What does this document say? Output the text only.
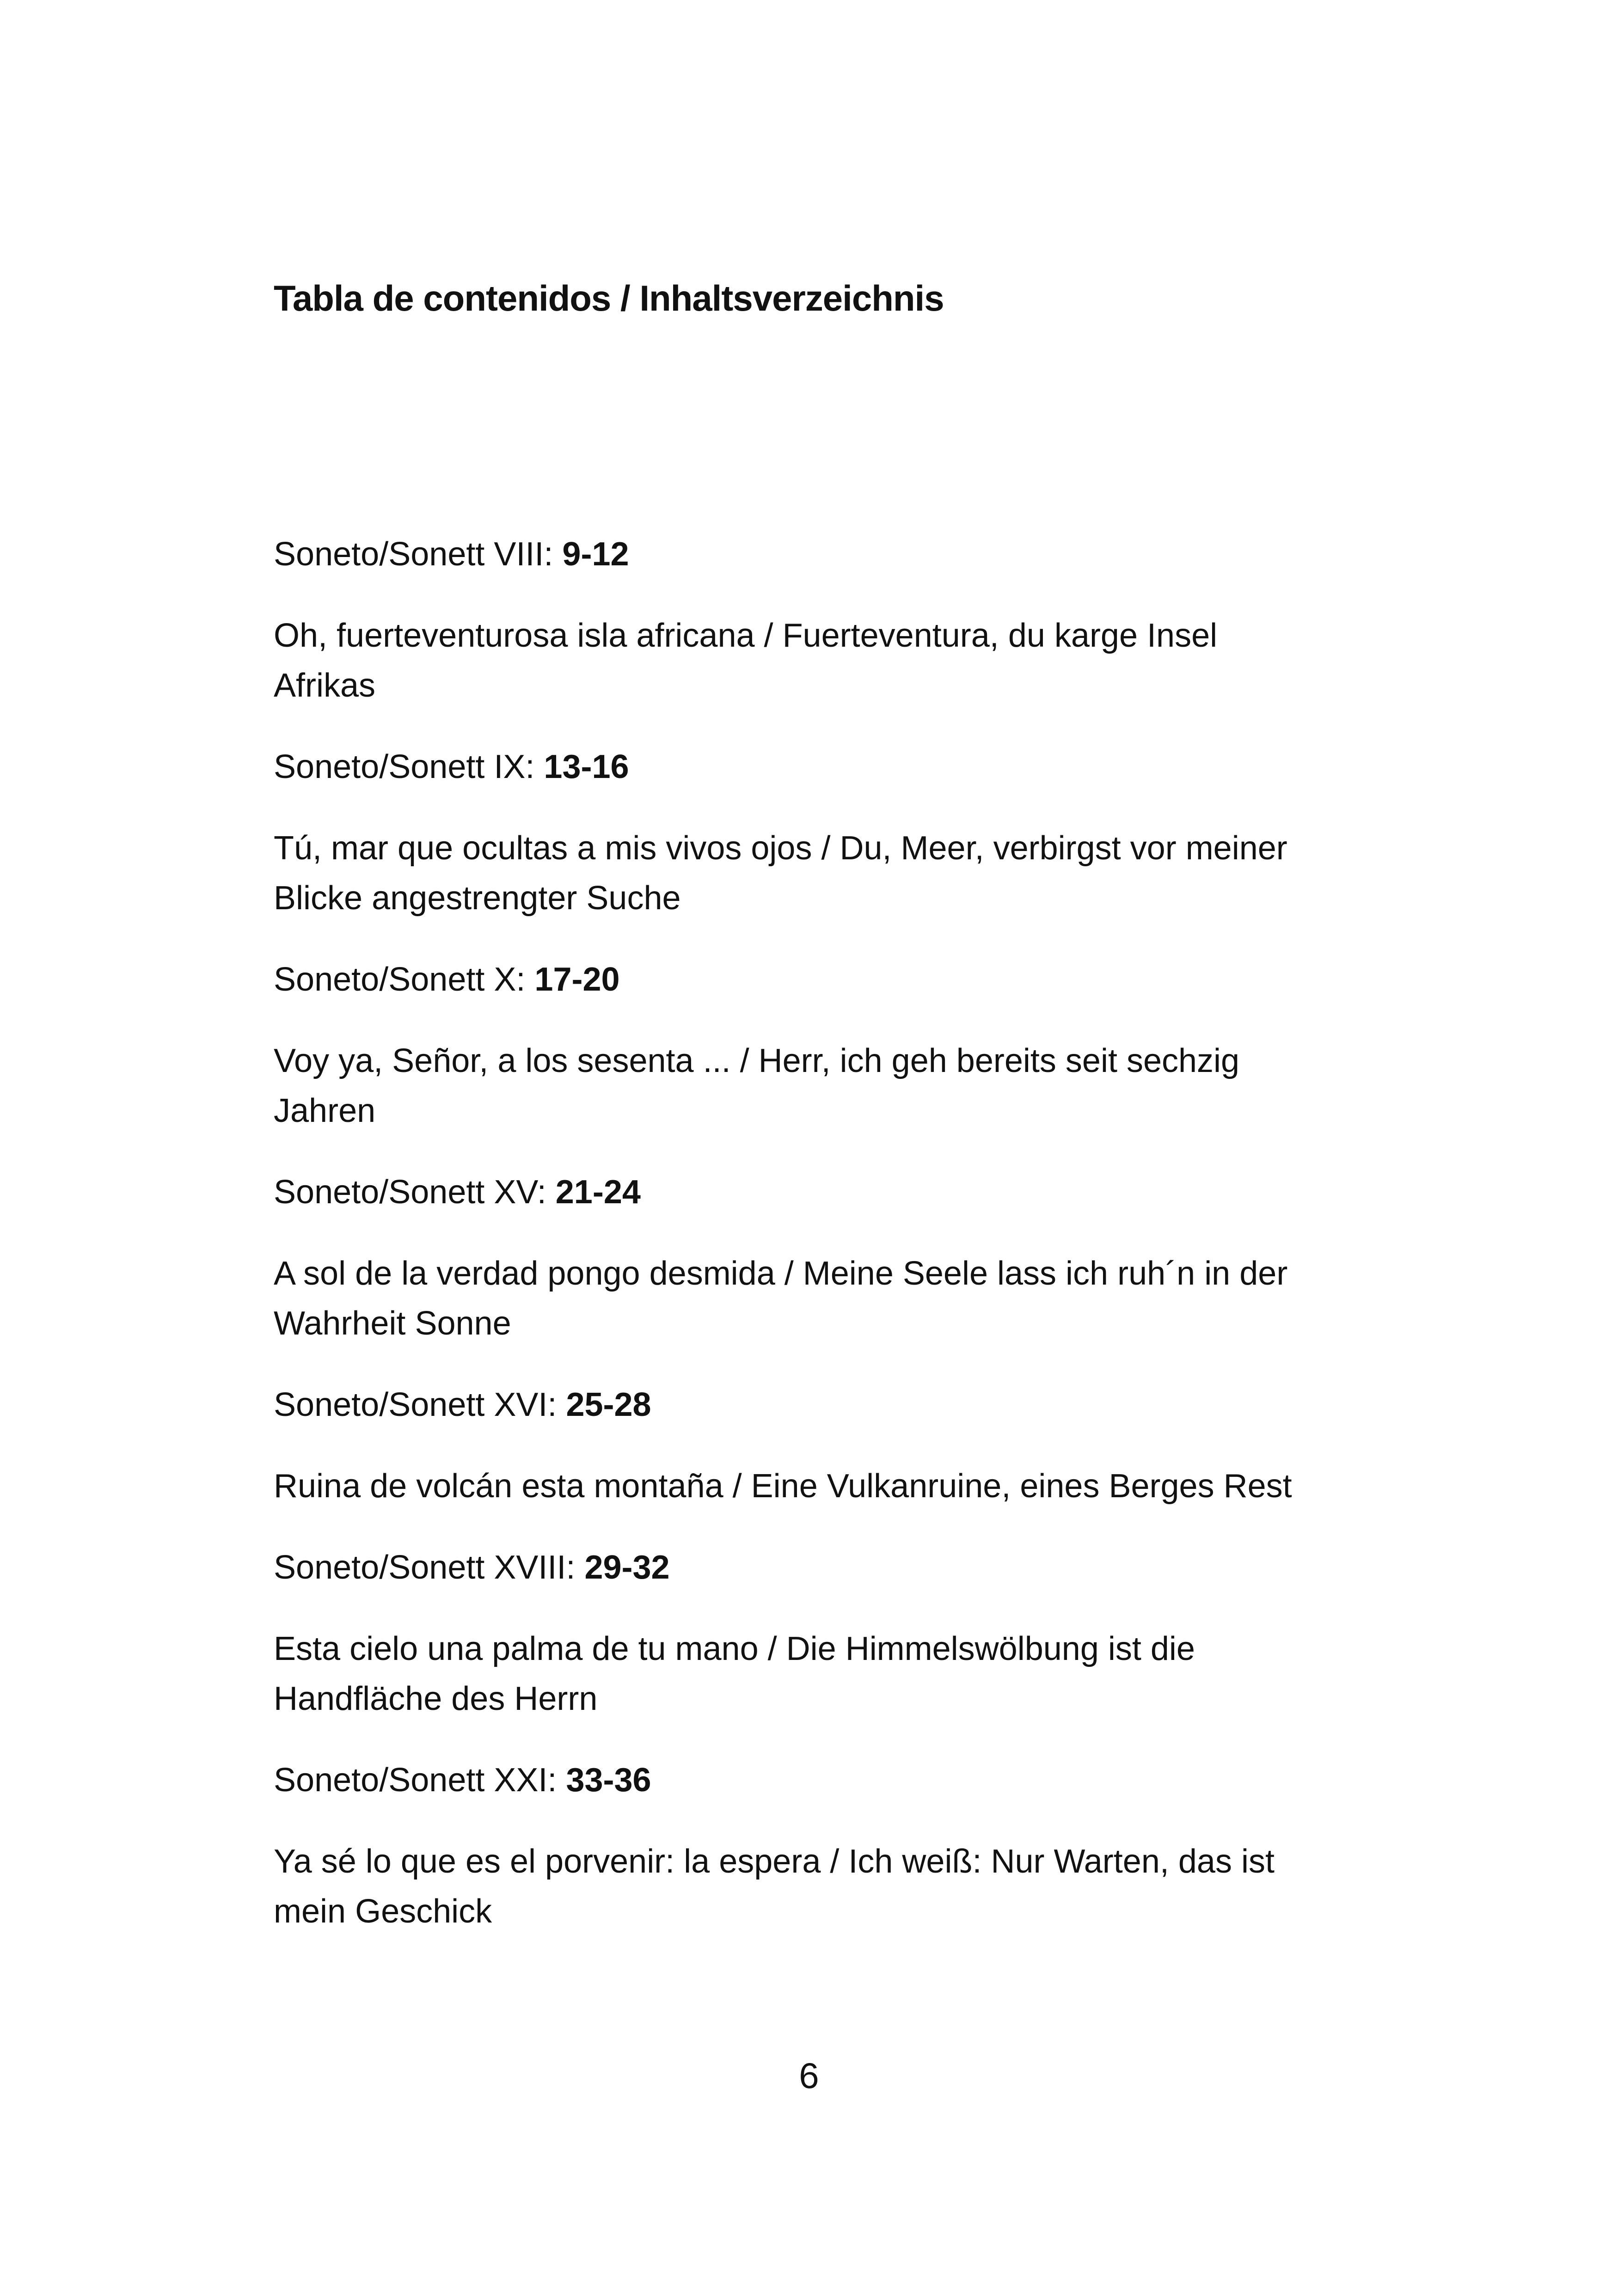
Tabla de contenidos / Inhaltsverzeichnis
Soneto/Sonett VIII: 9-12
Oh, fuerteventurosa isla africana / Fuerteventura, du karge Insel
Afrikas
Soneto/Sonett IX: 13-16
Tú, mar que ocultas a mis vivos ojos / Du, Meer, verbirgst vor meiner
Blicke angestrengter Suche
Soneto/Sonett X: 17-20
Voy ya, Señor, a los sesenta ... / Herr, ich geh bereits seit sechzig
Jahren
Soneto/Sonett XV: 21-24
A sol de la verdad pongo desmida / Meine Seele lass ich ruh´n in der
Wahrheit Sonne
Soneto/Sonett XVI: 25-28
Ruina de volcán esta montaña / Eine Vulkanruine, eines Berges Rest
Soneto/Sonett XVIII: 29-32
Esta cielo una palma de tu mano / Die Himmelswölbung ist die
Handfläche des Herrn
Soneto/Sonett XXI: 33-36
Ya sé lo que es el porvenir: la espera / Ich weiß: Nur Warten, das ist
mein Geschick
6
